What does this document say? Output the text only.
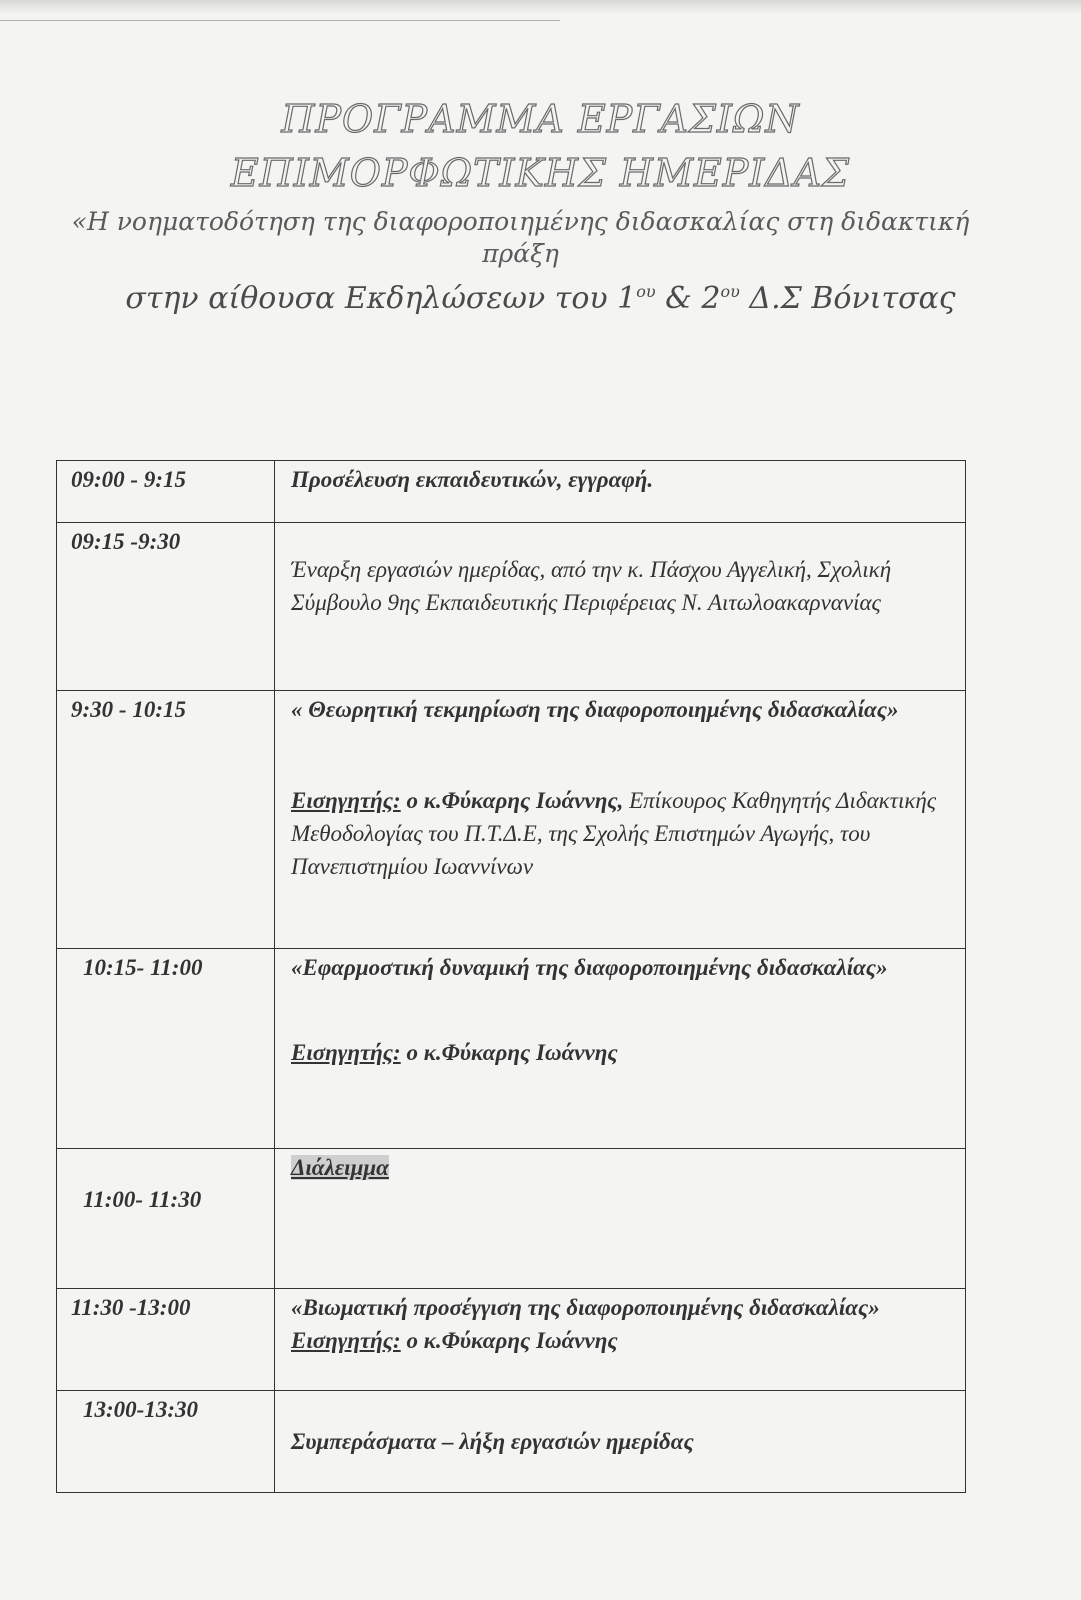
ΠΡΟΓΡΑΜΜΑ ΕΡΓΑΣΙΩΝ
ΕΠΙΜΟΡΦΩΤΙΚΗΣ ΗΜΕΡΙΔΑΣ
«Η νοηματοδότηση της διαφοροποιημένης διδασκαλίας στη διδακτική
πράξη
στην αίθουσα Εκδηλώσεων του $1^{o\upsilon}$ & $2^{o\upsilon}$ Δ.Σ Βόνιτσας
09:00 - 9:15	Προσέλευση εκπαιδευτικών, εγγραφή.
09:15 -9:30	Έναρξη εργασιών ημερίδας, από την κ. Πάσχου Αγγελική, Σχολική Σύμβουλο 9ης Εκπαιδευτικής Περιφέρειας Ν. Αιτωλοακαρνανίας
9:30 - 10:15	« Θεωρητική τεκμηρίωση της διαφοροποιημένης διδασκαλίας»
Εισηγητής: ο κ.Φύκαρης Ιωάννης, Επίκουρος Καθηγητής Διδακτικής Μεθοδολογίας του Π.Τ.Δ.Ε, της Σχολής Επιστημών Αγωγής, του Πανεπιστημίου Ιωαννίνων
10:15- 11:00	«Εφαρμοστική δυναμική της διαφοροποιημένης διδασκαλίας»
Εισηγητής: ο κ.Φύκαρης Ιωάννης

11:00- 11:30	Διάλειμμα
11:30 -13:00	«Βιωματική προσέγγιση της διαφοροποιημένης διδασκαλίας»
Εισηγητής: ο κ.Φύκαρης Ιωάννης
13:00-13:30	Συμπεράσματα – λήξη εργασιών ημερίδας
